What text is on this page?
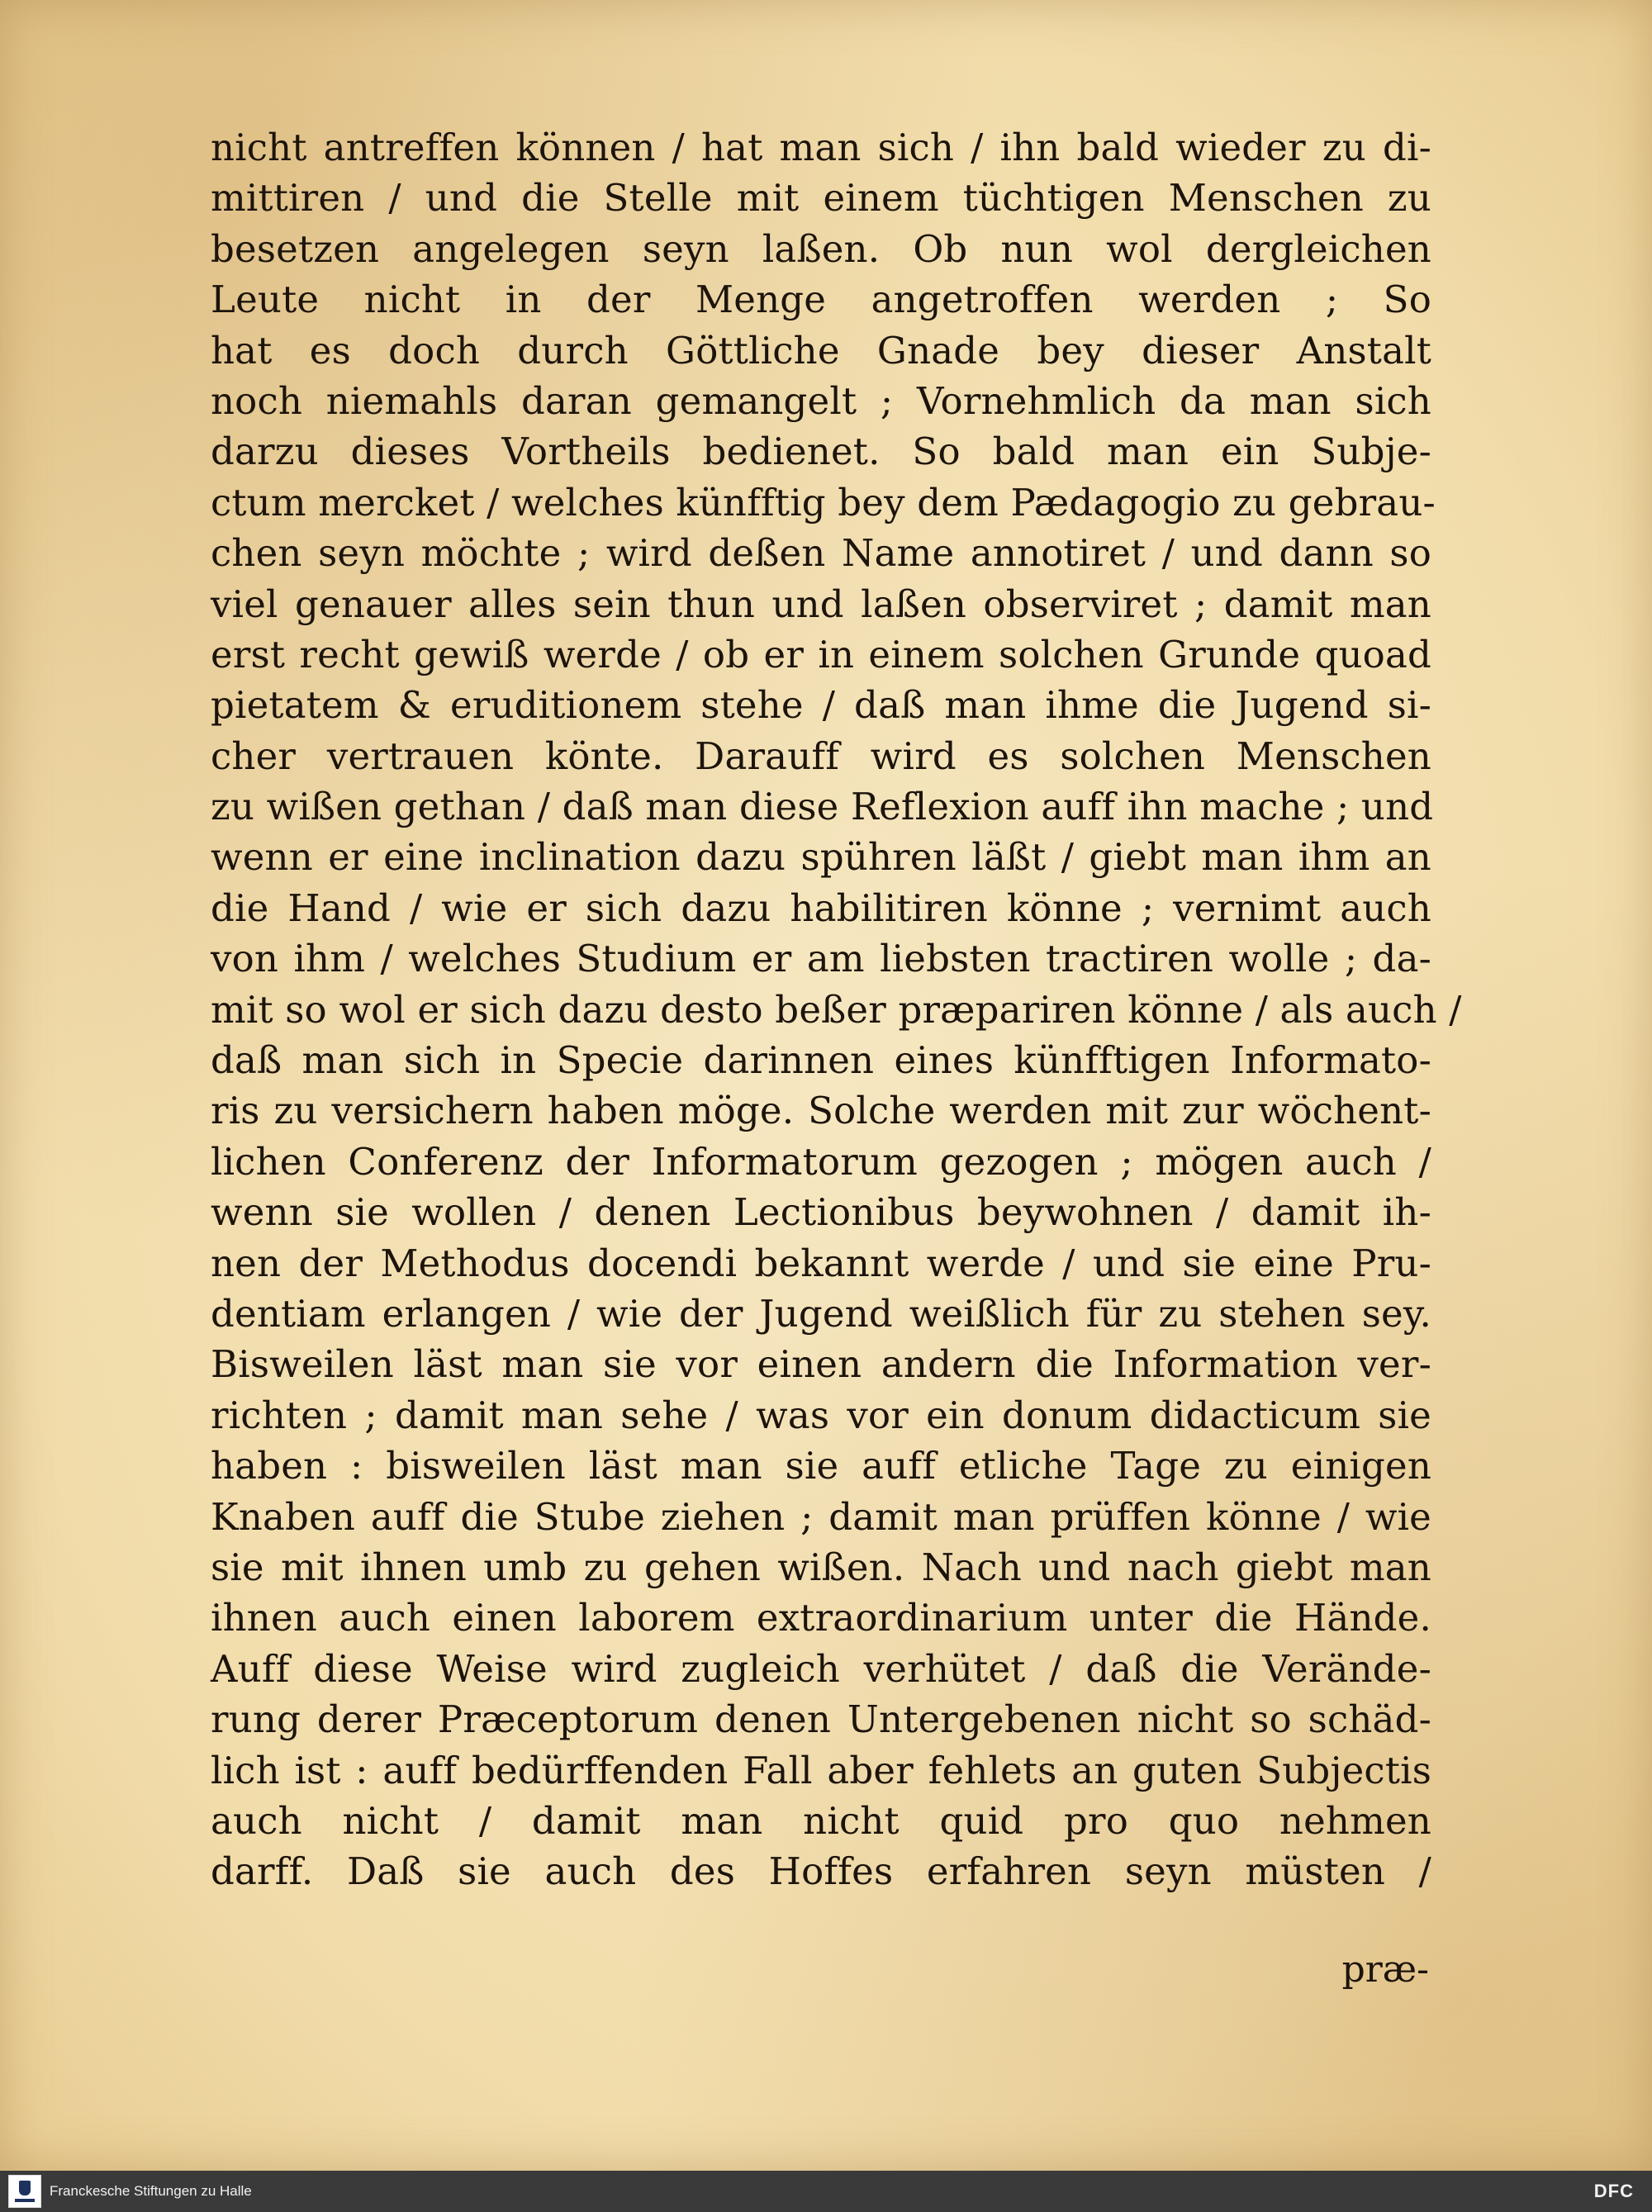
nicht antreffen können / hat man sich / ihn bald wieder zu di-
mittiren / und die Stelle mit einem tüchtigen Menschen zu
besetzen angelegen seyn laßen. Ob nun wol dergleichen
Leute nicht in der Menge angetroffen werden ; So
hat es doch durch Göttliche Gnade bey dieser Anstalt
noch niemahls daran gemangelt ; Vornehmlich da man sich
darzu dieses Vortheils bedienet. So bald man ein Subje-
ctum mercket / welches künfftig bey dem Pædagogio zu gebrau-
chen seyn möchte ; wird deßen Name annotiret / und dann so
viel genauer alles sein thun und laßen observiret ; damit man
erst recht gewiß werde / ob er in einem solchen Grunde quoad
pietatem & eruditionem stehe / daß man ihme die Jugend si-
cher vertrauen könte. Darauff wird es solchen Menschen
zu wißen gethan / daß man diese Reflexion auff ihn mache ; und
wenn er eine inclination dazu spühren läßt / giebt man ihm an
die Hand / wie er sich dazu habilitiren könne ; vernimt auch
von ihm / welches Studium er am liebsten tractiren wolle ; da-
mit so wol er sich dazu desto beßer præpariren könne / als auch /
daß man sich in Specie darinnen eines künfftigen Informato-
ris zu versichern haben möge. Solche werden mit zur wöchent-
lichen Conferenz der Informatorum gezogen ; mögen auch /
wenn sie wollen / denen Lectionibus beywohnen / damit ih-
nen der Methodus docendi bekannt werde / und sie eine Pru-
dentiam erlangen / wie der Jugend weißlich für zu stehen sey.
Bisweilen läst man sie vor einen andern die Information ver-
richten ; damit man sehe / was vor ein donum didacticum sie
haben : bisweilen läst man sie auff etliche Tage zu einigen
Knaben auff die Stube ziehen ; damit man prüffen könne / wie
sie mit ihnen umb zu gehen wißen. Nach und nach giebt man
ihnen auch einen laborem extraordinarium unter die Hände.
Auff diese Weise wird zugleich verhütet / daß die Verände-
rung derer Præceptorum denen Untergebenen nicht so schäd-
lich ist : auff bedürffenden Fall aber fehlets an guten Subjectis
auch nicht / damit man nicht quid pro quo nehmen
darff. Daß sie auch des Hoffes erfahren seyn müsten /
præ-
Franckesche Stiftungen zu Halle	DFC
